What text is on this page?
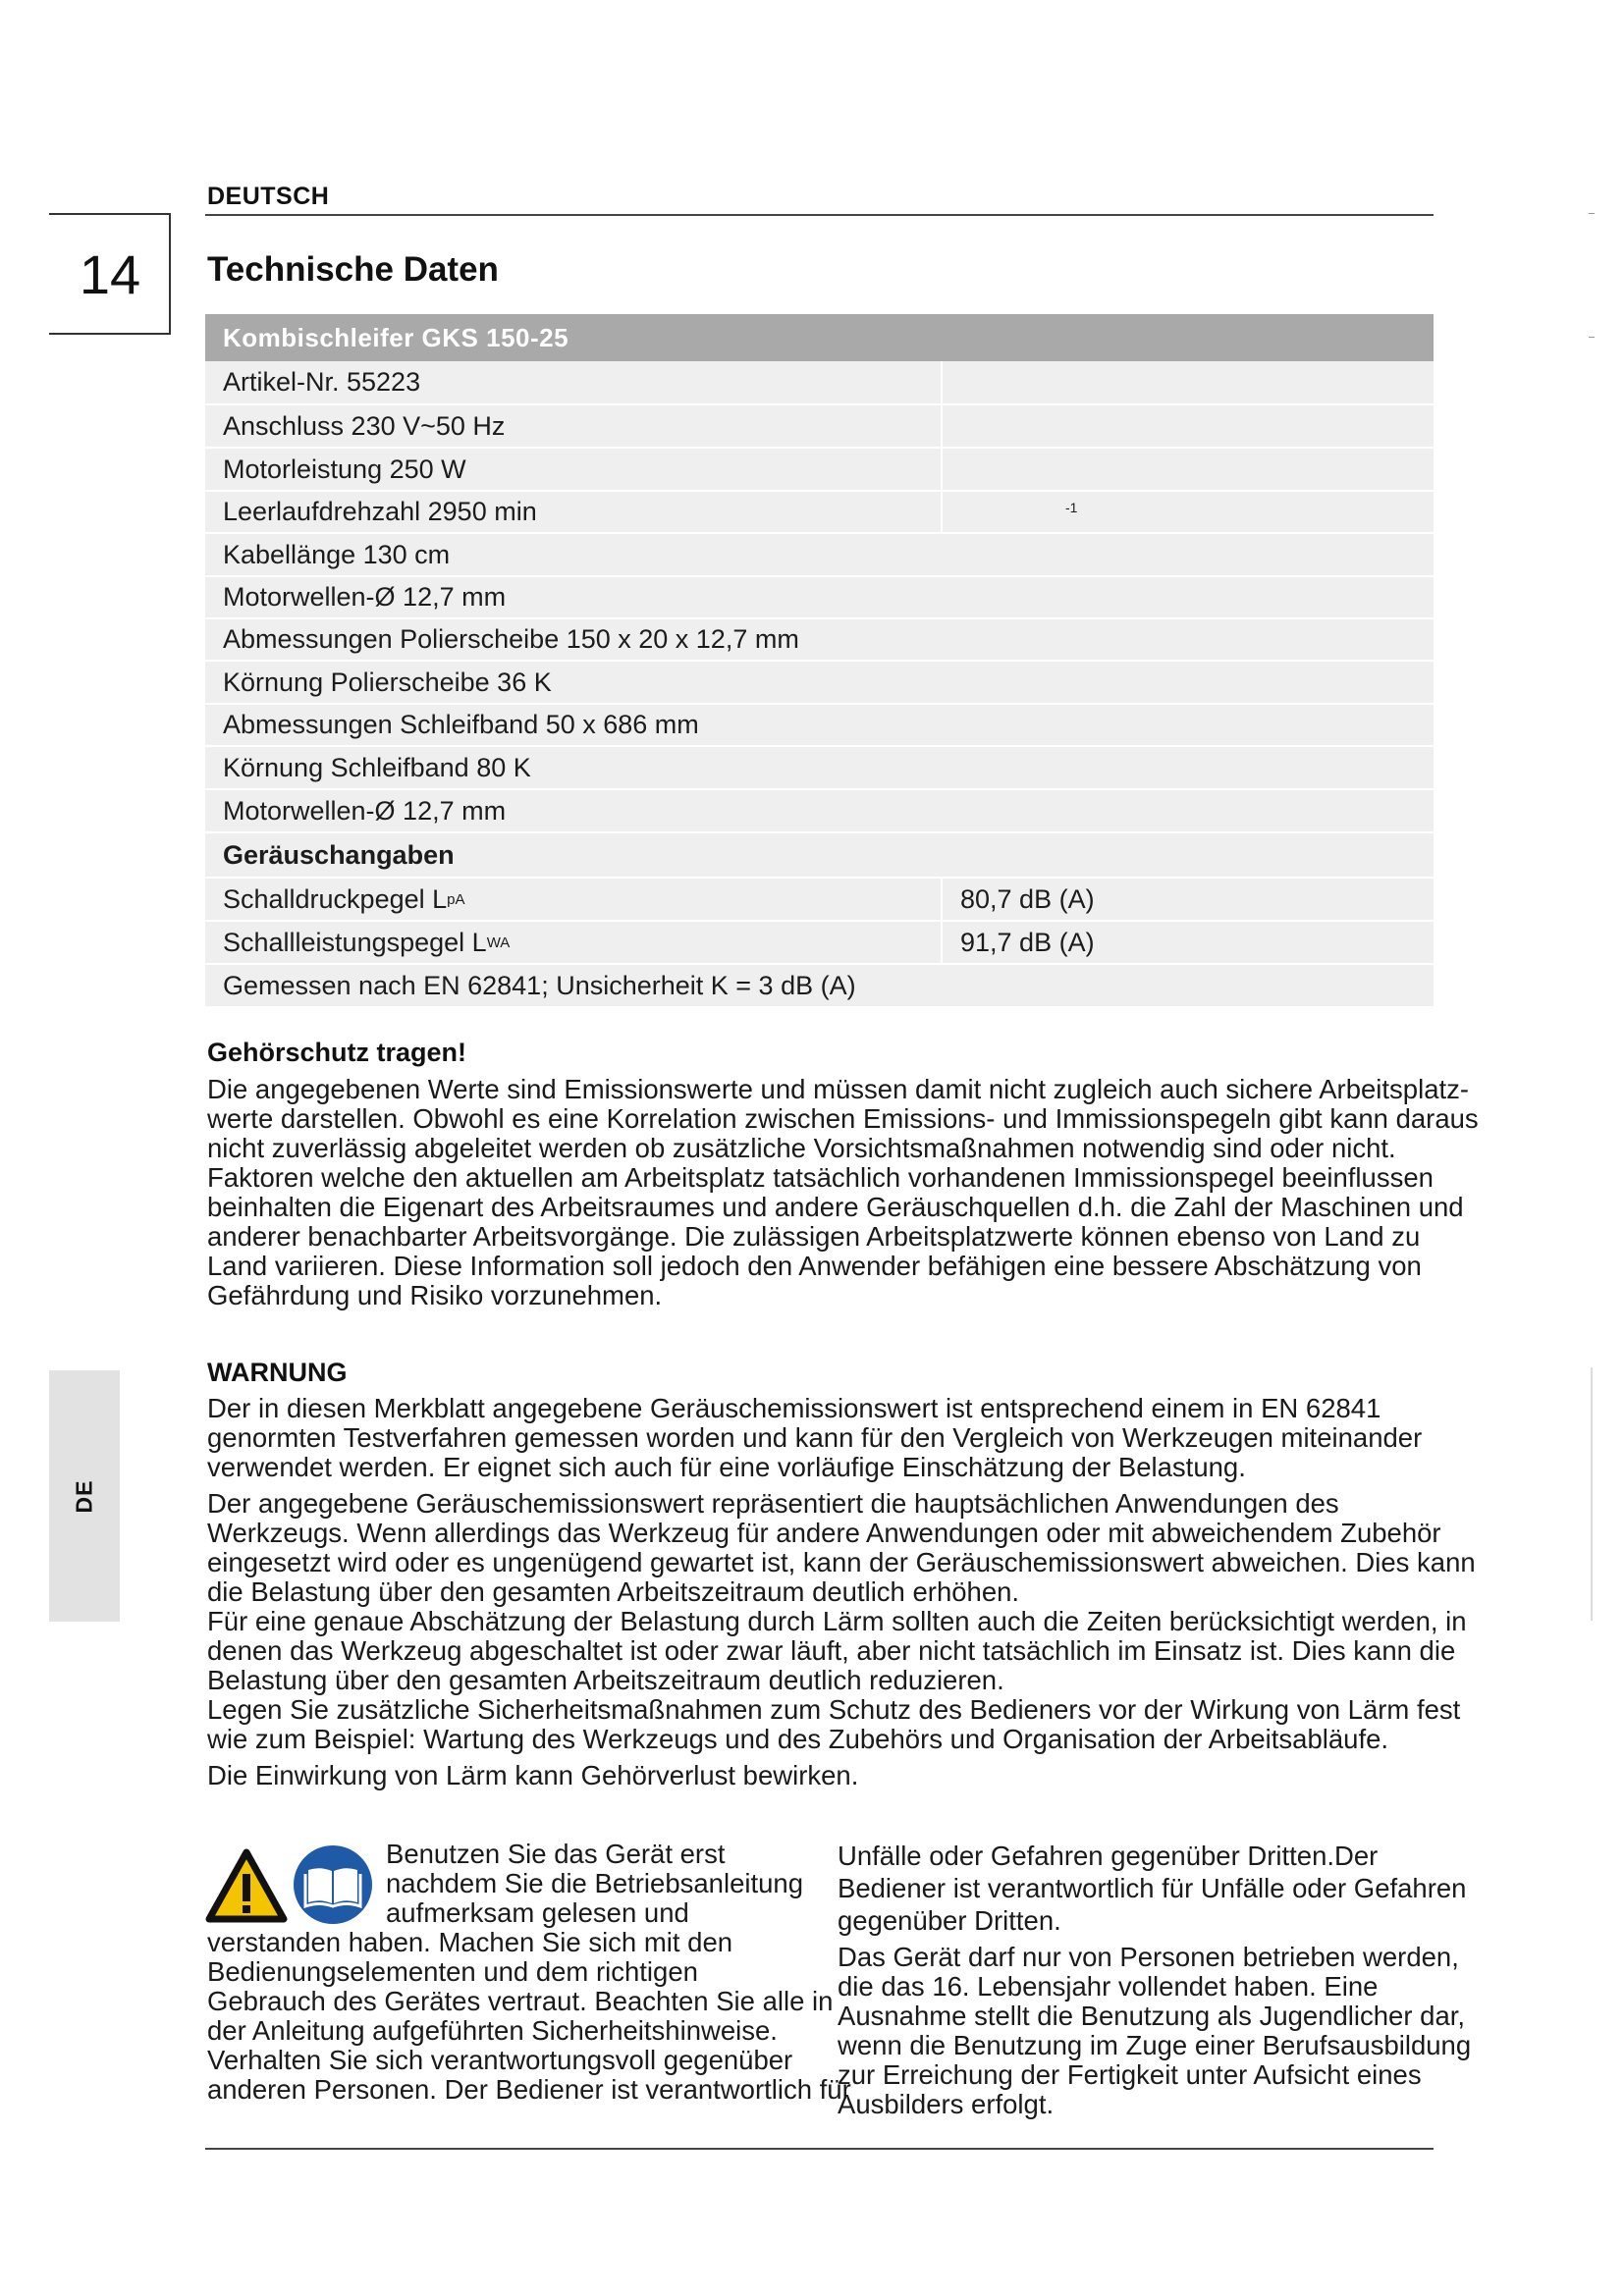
DEUTSCH
14	Technische Daten
DE
Kombischleifer GKS 150-25
Artikel-Nr. 55223
Anschluss 230 V~50 Hz
Motorleistung 250 W
Leerlaufdrehzahl 2950 min	-1
Kabellänge 130 cm
Motorwellen-Ø 12,7 mm
Abmessungen Polierscheibe 150 x 20 x 12,7 mm
Körnung Polierscheibe 36 K
Abmessungen Schleifband 50 x 686 mm
Körnung Schleifband 80 K
Motorwellen-Ø 12,7 mm
Geräuschangaben
Schalldruckpegel L pA	80,7 dB (A)
Schallleistungspegel L WA	91,7 dB (A)
Gemessen nach EN 62841; Unsicherheit K = 3 dB (A)
Gehörschutz tragen!
Die angegebenen Werte sind Emissionswerte und müssen damit nicht zugleich auch sichere Arbeitsplatz-
werte darstellen. Obwohl es eine Korrelation zwischen Emissions- und Immissionspegeln gibt kann daraus
nicht zuverlässig abgeleitet werden ob zusätzliche Vorsichtsmaßnahmen notwendig sind oder nicht.
Faktoren welche den aktuellen am Arbeitsplatz tatsächlich vorhandenen Immissionspegel beeinflussen
beinhalten die Eigenart des Arbeitsraumes und andere Geräuschquellen d.h. die Zahl der Maschinen und
anderer benachbarter Arbeitsvorgänge. Die zulässigen Arbeitsplatzwerte können ebenso von Land zu
Land variieren. Diese Information soll jedoch den Anwender befähigen eine bessere Abschätzung von
Gefährdung und Risiko vorzunehmen.
WARNUNG
Der in diesen Merkblatt angegebene Geräuschemissionswert ist entsprechend einem in EN 62841
genormten Testverfahren gemessen worden und kann für den Vergleich von Werkzeugen miteinander
verwendet werden. Er eignet sich auch für eine vorläufige Einschätzung der Belastung.
Der angegebene Geräuschemissionswert repräsentiert die hauptsächlichen Anwendungen des
Werkzeugs. Wenn allerdings das Werkzeug für andere Anwendungen oder mit abweichendem Zubehör
eingesetzt wird oder es ungenügend gewartet ist, kann der Geräuschemissionswert abweichen. Dies kann
die Belastung über den gesamten Arbeitszeitraum deutlich erhöhen.
Für eine genaue Abschätzung der Belastung durch Lärm sollten auch die Zeiten berücksichtigt werden, in
denen das Werkzeug abgeschaltet ist oder zwar läuft, aber nicht tatsächlich im Einsatz ist. Dies kann die
Belastung über den gesamten Arbeitszeitraum deutlich reduzieren.
Legen Sie zusätzliche Sicherheitsmaßnahmen zum Schutz des Bedieners vor der Wirkung von Lärm fest
wie zum Beispiel: Wartung des Werkzeugs und des Zubehörs und Organisation der Arbeitsabläufe.
Die Einwirkung von Lärm kann Gehörverlust bewirken.
Benutzen Sie das Gerät erst
nachdem Sie die Betriebsanleitung
aufmerksam gelesen und
verstanden haben. Machen Sie sich mit den
Bedienungselementen und dem richtigen
Gebrauch des Gerätes vertraut. Beachten Sie alle in
der Anleitung aufgeführten Sicherheitshinweise.
Verhalten Sie sich verantwortungsvoll gegenüber
anderen Personen. Der Bediener ist verantwortlich für
Unfälle oder Gefahren gegenüber Dritten.Der
Bediener ist verantwortlich für Unfälle oder Gefahren
gegenüber Dritten.
Das Gerät darf nur von Personen betrieben werden,
die das 16. Lebensjahr vollendet haben. Eine
Ausnahme stellt die Benutzung als Jugendlicher dar,
wenn die Benutzung im Zuge einer Berufsausbildung
zur Erreichung der Fertigkeit unter Aufsicht eines
Ausbilders erfolgt.
